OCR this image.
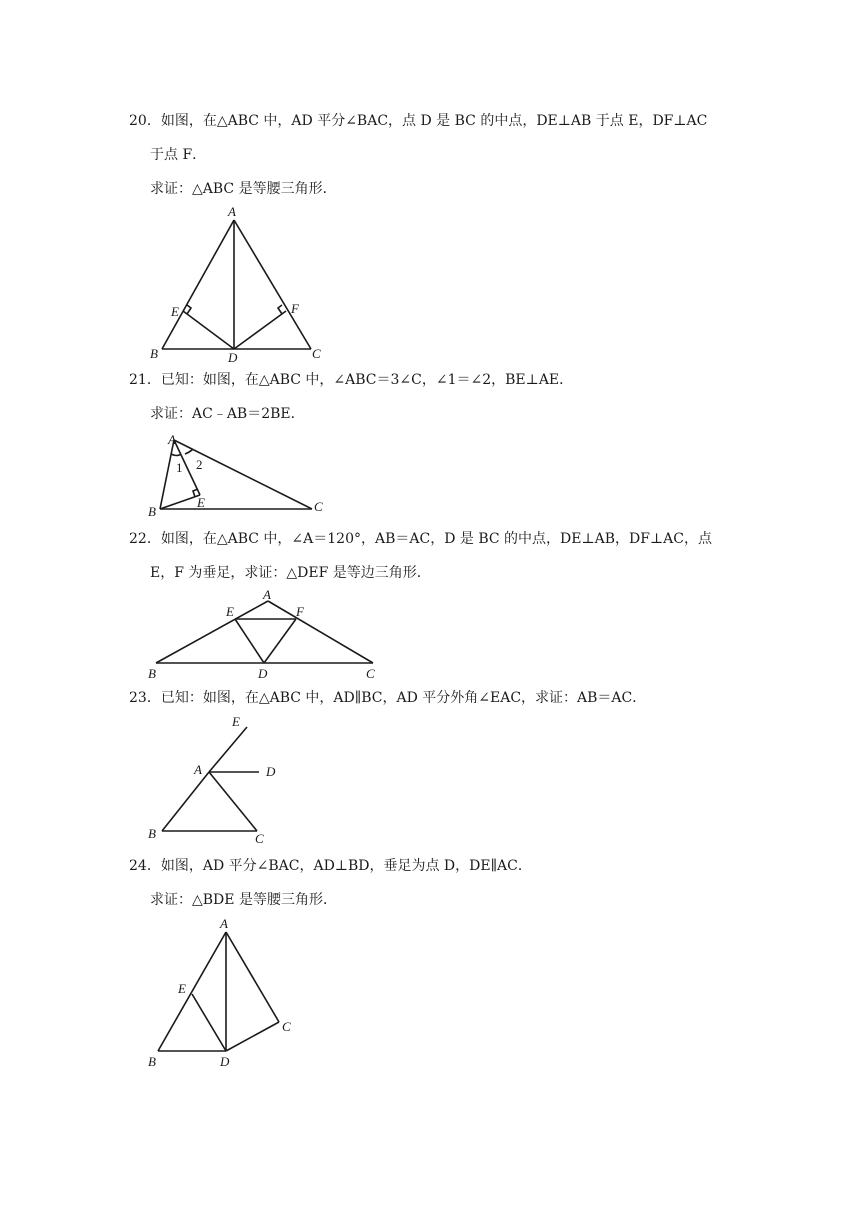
20．如图，在△ABC 中，AD 平分∠BAC，点 D 是 BC 的中点，DE⊥AB 于点 E，DF⊥AC
于点 F．
求证：△ABC 是等腰三角形．
A
B	C
D
E	F
21．已知：如图，在△ABC 中，∠ABC＝3∠C，∠1＝∠2，BE⊥AE．
求证：AC﹣AB＝2BE．
A
B	C
E
1 2
22．如图，在△ABC 中，∠A＝120°，AB＝AC，D 是 BC 的中点，DE⊥AB，DF⊥AC，点
E，F 为垂足，求证：△DEF 是等边三角形．
A
B	C
D
E	F
23．已知：如图，在△ABC 中，AD∥BC，AD 平分外角∠EAC，求证：AB＝AC．
E
A	D
B	C
24．如图，AD 平分∠BAC，AD⊥BD，垂足为点 D，DE∥AC．
求证：△BDE 是等腰三角形．
A
E
C
B	D
